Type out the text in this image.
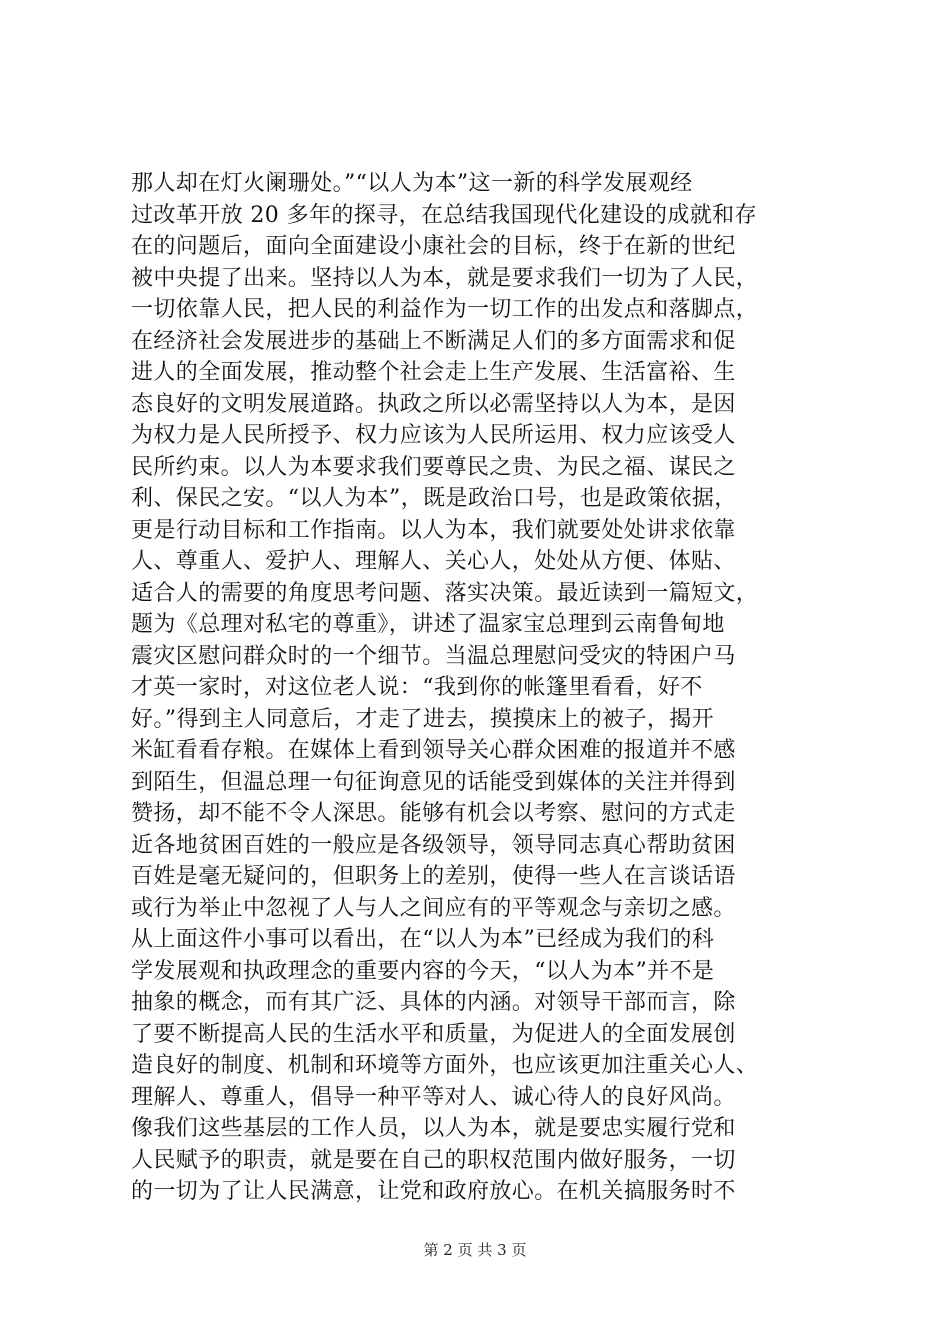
那人却在灯火阑珊处。”“以人为本”这一新的科学发展观经
过改革开放 20 多年的探寻，在总结我国现代化建设的成就和存
在的问题后，面向全面建设小康社会的目标，终于在新的世纪
被中央提了出来。坚持以人为本，就是要求我们一切为了人民，
一切依靠人民，把人民的利益作为一切工作的出发点和落脚点，
在经济社会发展进步的基础上不断满足人们的多方面需求和促
进人的全面发展，推动整个社会走上生产发展、生活富裕、生
态良好的文明发展道路。执政之所以必需坚持以人为本，是因
为权力是人民所授予、权力应该为人民所运用、权力应该受人
民所约束。以人为本要求我们要尊民之贵、为民之福、谋民之
利、保民之安。“以人为本”，既是政治口号，也是政策依据，
更是行动目标和工作指南。以人为本，我们就要处处讲求依靠
人、尊重人、爱护人、理解人、关心人，处处从方便、体贴、
适合人的需要的角度思考问题、落实决策。最近读到一篇短文，
题为《总理对私宅的尊重》，讲述了温家宝总理到云南鲁甸地
震灾区慰问群众时的一个细节。当温总理慰问受灾的特困户马
才英一家时，对这位老人说：“我到你的帐篷里看看，好不
好。”得到主人同意后，才走了进去，摸摸床上的被子，揭开
米缸看看存粮。在媒体上看到领导关心群众困难的报道并不感
到陌生，但温总理一句征询意见的话能受到媒体的关注并得到
赞扬，却不能不令人深思。能够有机会以考察、慰问的方式走
近各地贫困百姓的一般应是各级领导，领导同志真心帮助贫困
百姓是毫无疑问的，但职务上的差别，使得一些人在言谈话语
或行为举止中忽视了人与人之间应有的平等观念与亲切之感。
从上面这件小事可以看出，在“以人为本”已经成为我们的科
学发展观和执政理念的重要内容的今天，“以人为本”并不是
抽象的概念，而有其广泛、具体的内涵。对领导干部而言，除
了要不断提高人民的生活水平和质量，为促进人的全面发展创
造良好的制度、机制和环境等方面外，也应该更加注重关心人、
理解人、尊重人，倡导一种平等对人、诚心待人的良好风尚。
像我们这些基层的工作人员，以人为本，就是要忠实履行党和
人民赋予的职责，就是要在自己的职权范围内做好服务，一切
的一切为了让人民满意，让党和政府放心。在机关搞服务时不
第 2 页 共 3 页
